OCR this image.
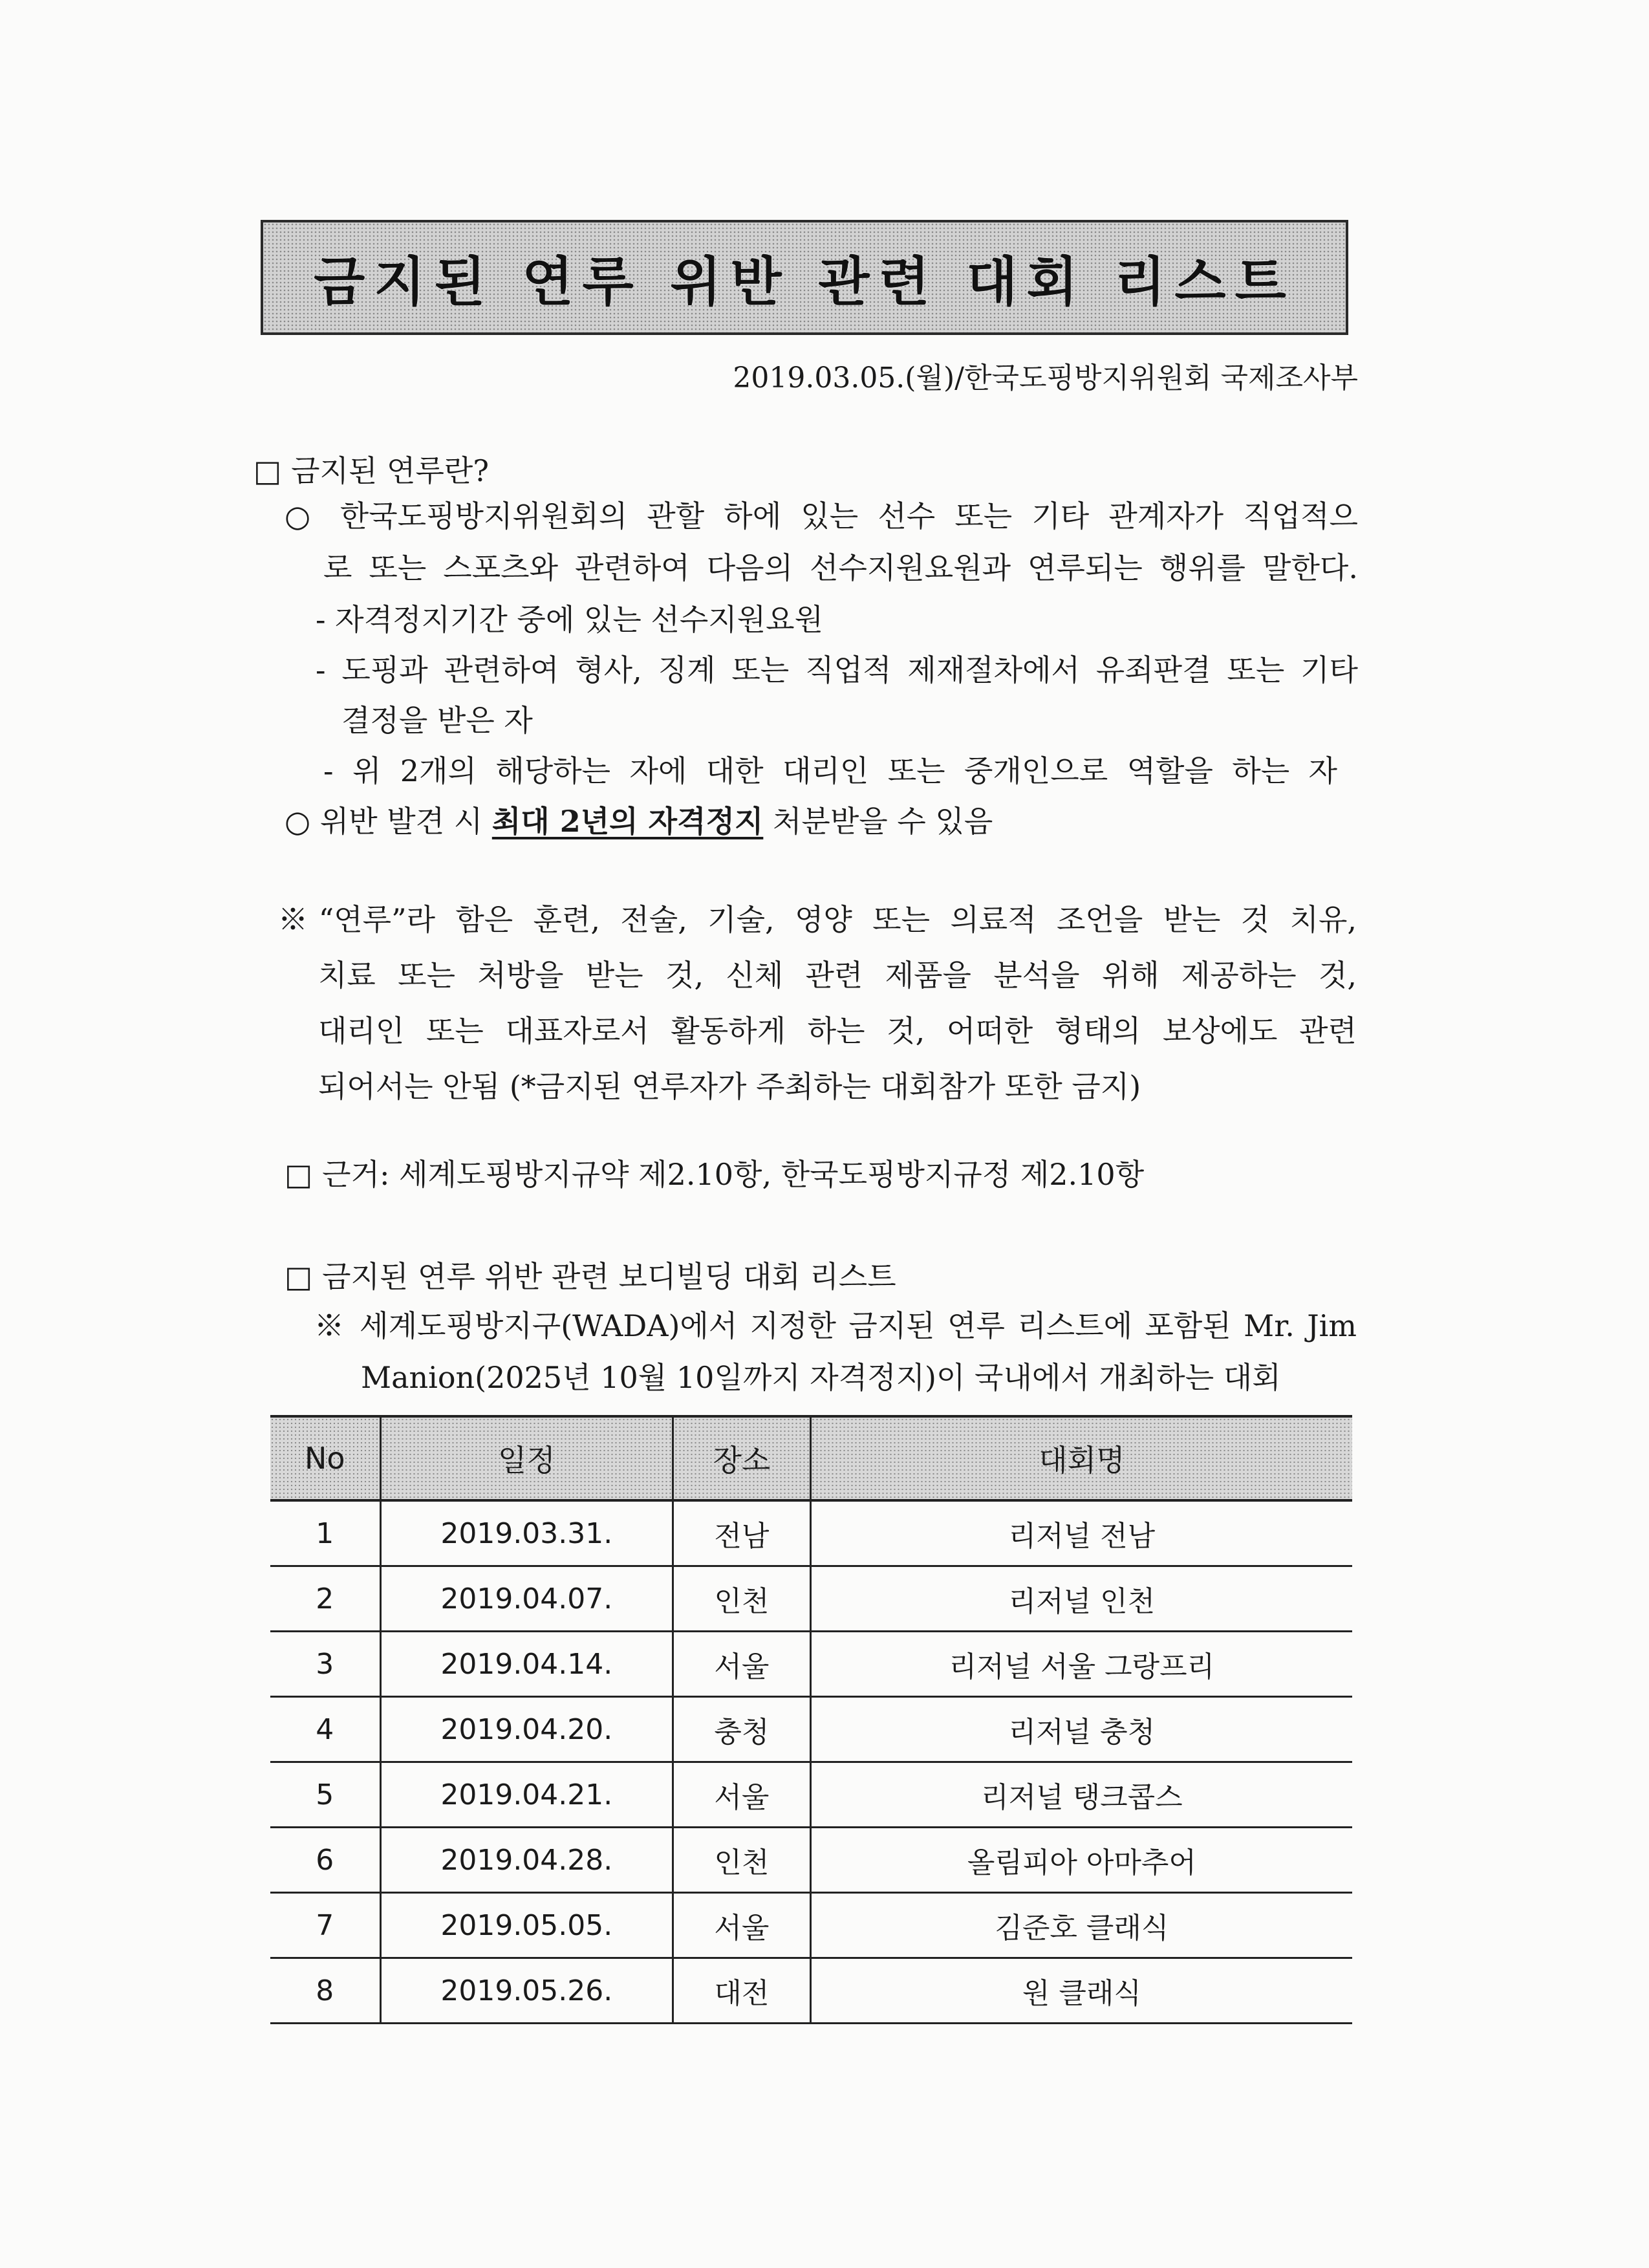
금지된 연루 위반 관련 대회 리스트
2019.03.05.(월)/한국도핑방지위원회 국제조사부
□ 금지된 연루란?
○ 한국도핑방지위원회의 관할 하에 있는 선수 또는 기타 관계자가 직업적으
로 또는 스포츠와 관련하여 다음의 선수지원요원과 연루되는 행위를 말한다.
- 자격정지기간 중에 있는 선수지원요원
- 도핑과 관련하여 형사, 징계 또는 직업적 제재절차에서 유죄판결 또는 기타
결정을 받은 자
- 위 2개의 해당하는 자에 대한 대리인 또는 중개인으로 역할을 하는 자
○ 위반 발견 시 최대 2년의 자격정지 처분받을 수 있음
※“연루”라 함은 훈련, 전술, 기술, 영양 또는 의료적 조언을 받는 것 치유,
치료 또는 처방을 받는 것, 신체 관련 제품을 분석을 위해 제공하는 것,
대리인 또는 대표자로서 활동하게 하는 것, 어떠한 형태의 보상에도 관련
되어서는 안됨 (*금지된 연루자가 주최하는 대회참가 또한 금지)
□ 근거: 세계도핑방지규약 제2.10항, 한국도핑방지규정 제2.10항
□ 금지된 연루 위반 관련 보디빌딩 대회 리스트
※ 세계도핑방지구(WADA)에서 지정한 금지된 연루 리스트에 포함된 Mr. Jim
Manion(2025년 10월 10일까지 자격정지)이 국내에서 개최하는 대회
No	일정	장소	대회명
1	2019.03.31.	전남	리저널 전남
2	2019.04.07.	인천	리저널 인천
3	2019.04.14.	서울	리저널 서울 그랑프리
4	2019.04.20.	충청	리저널 충청
5	2019.04.21.	서울	리저널 탱크콥스
6	2019.04.28.	인천	올림피아 아마추어
7	2019.05.05.	서울	김준호 클래식
8	2019.05.26.	대전	원 클래식
